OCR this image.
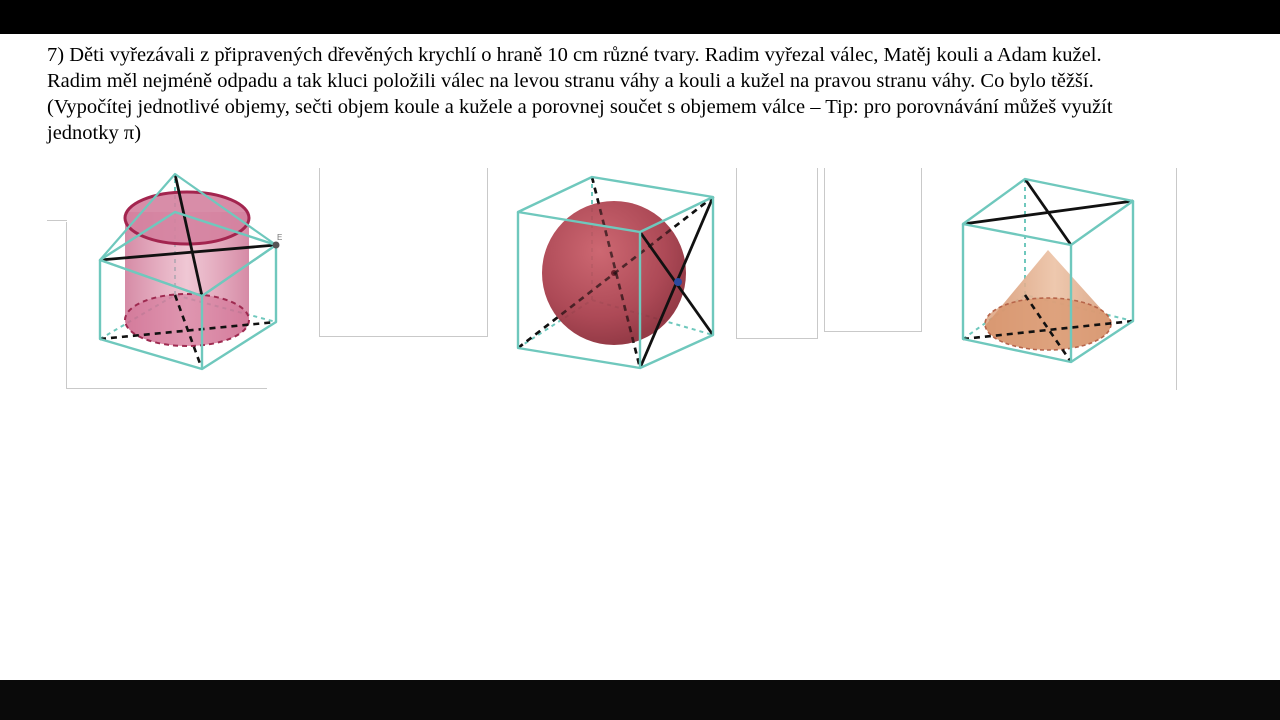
7) Děti vyřezávali z připravených dřevěných krychlí o hraně 10 cm různé tvary. Radim vyřezal válec, Matěj kouli a Adam kužel.
Radim měl nejméně odpadu a tak kluci položili válec na levou stranu váhy a kouli a kužel na pravou stranu váhy. Co bylo těžší.
(Vypočítej jednotlivé objemy, sečti objem koule a kužele a porovnej součet s objemem válce – Tip: pro porovnávání můžeš využít
jednotky π)
E
